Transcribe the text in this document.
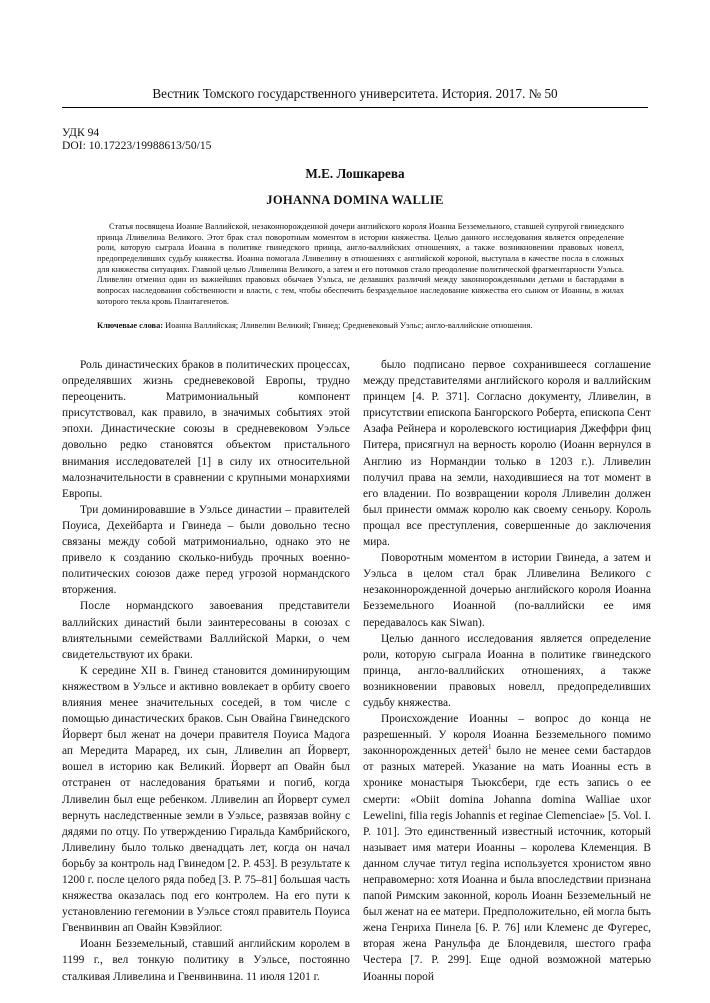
Вестник Томского государственного университета. История. 2017. № 50
УДК 94
DOI: 10.17223/19988613/50/15
М.Е. Лошкарева
JOHANNA DOMINA WALLIE
Статья посвящена Иоанне Валлийской, незаконнорожденной дочери английского короля Иоанна Безземельного, ставшей супругой гвинедского принца Лливелина Великого. Этот брак стал поворотным моментом в истории княжества. Целью данного исследования является определение роли, которую сыграла Иоанна в политике гвинедского принца, англо-валлийских отношениях, а также возникновении правовых новелл, предопределивших судьбу княжества. Иоанна помогала Лливелину в отношениях с английской короной, выступала в качестве посла в сложных для княжества ситуациях. Главной целью Лливелина Великого, а затем и его потомков стало преодоление политической фрагментарности Уэльса. Лливелин отменил один из важнейших правовых обычаев Уэльса, не делавших различий между законнорожденными детьми и бастардами в вопросах наследования собственности и власти, с тем, чтобы обеспечить безраздельное наследование княжества его сыном от Иоанны, в жилах которого текла кровь Плантагенетов.
Ключевые слова: Иоанна Валлийская; Лливелин Великий; Гвинед; Средневековый Уэльс; англо-валлийские отношения.

Роль династических браков в политических процессах, определявших жизнь средневековой Европы, трудно переоценить. Матримониальный компонент присутствовал, как правило, в значимых событиях этой эпохи. Династические союзы в средневековом Уэльсе довольно редко становятся объектом пристального внимания исследователей [1] в силу их относительной малозначительности в сравнении с крупными монархиями Европы.

Три доминировавшие в Уэльсе династии – правителей Поуиса, Дехейбарта и Гвинеда – были довольно тесно связаны между собой матримониально, однако это не привело к созданию сколько-нибудь прочных военно-политических союзов даже перед угрозой нормандского вторжения.

После нормандского завоевания представители валлийских династий были заинтересованы в союзах с влиятельными семействами Валлийской Марки, о чем свидетельствуют их браки.

К середине XII в. Гвинед становится доминирующим княжеством в Уэльсе и активно вовлекает в орбиту своего влияния менее значительных соседей, в том числе с помощью династических браков. Сын Овайна Гвинедского Йорверт был женат на дочери правителя Поуиса Мадога ап Мередита Мараред, их сын, Лливелин ап Йорверт, вошел в историю как Великий. Йорверт ап Овайн был отстранен от наследования братьями и погиб, когда Лливелин был еще ребенком. Лливелин ап Йорверт сумел вернуть наследственные земли в Уэльсе, развязав войну с дядями по отцу. По утверждению Гиральда Камбрийского, Лливелину было только двенадцать лет, когда он начал борьбу за контроль над Гвинедом [2. P. 453]. В результате к 1200 г. после целого ряда побед [3. P. 75–81] большая часть княжества оказалась под его контролем. На его пути к установлению гегемонии в Уэльсе стоял правитель Поуиса Гвенвинвин ап Овайн Кэвэйлиог.

Иоанн Безземельный, ставший английским королем в 1199 г., вел тонкую политику в Уэльсе, постоянно сталкивая Лливелина и Гвенвинвина. 11 июля 1201 г.

было подписано первое сохранившееся соглашение между представителями английского короля и валлийским принцем [4. P. 371]. Согласно документу, Лливелин, в присутствии епископа Бангорского Роберта, епископа Сент Азафа Рейнера и королевского юстициария Джеффри фиц Питера, присягнул на верность королю (Иоанн вернулся в Англию из Нормандии только в 1203 г.). Лливелин получил права на земли, находившиеся на тот момент в его владении. По возвращении короля Лливелин должен был принести оммаж королю как своему сеньору. Король прощал все преступления, совершенные до заключения мира.

Поворотным моментом в истории Гвинеда, а затем и Уэльса в целом стал брак Лливелина Великого с незаконнорожденной дочерью английского короля Иоанна Безземельного Иоанной (по-валлийски ее имя передавалось как Siwan).

Целью данного исследования является определение роли, которую сыграла Иоанна в политике гвинедского принца, англо-валлийских отношениях, а также возникновении правовых новелл, предопределивших судьбу княжества.

Происхождение Иоанны – вопрос до конца не разрешенный. У короля Иоанна Безземельного помимо законнорожденных детей$^1$ было не менее семи бастардов от разных матерей. Указание на мать Иоанны есть в хронике монастыря Тьюксбери, где есть запись о ее смерти: «Obiit domina Johanna domina Walliae uxor Lewelini, filia regis Johannis et reginae Clemenciae» [5. Vol. I. P. 101]. Это единственный известный источник, который называет имя матери Иоанны – королева Клеменция. В данном случае титул regina используется хронистом явно неправомерно: хотя Иоанна и была впоследствии признана папой Римским законной, король Иоанн Безземельный не был женат на ее матери. Предположительно, ей могла быть жена Генриха Пинела [6. P. 76] или Клеменс де Фугерес, вторая жена Ранульфа де Блондевиля, шестого графа Честера [7. P. 299]. Еще одной возможной матерью Иоанны порой
